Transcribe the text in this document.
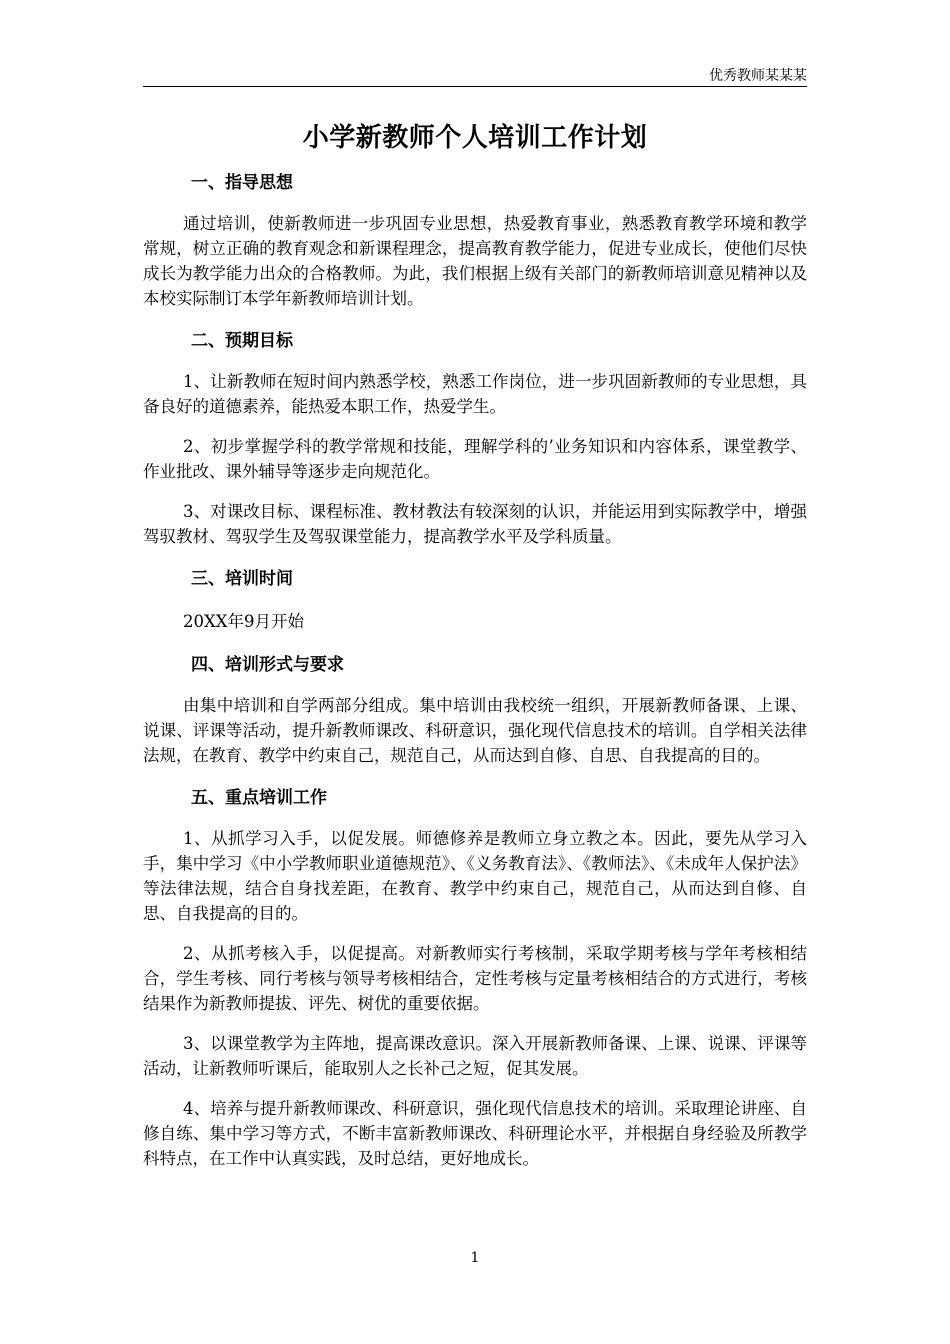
优秀教师某某某
小学新教师个人培训工作计划
一、指导思想

通过培训，使新教师进一步巩固专业思想，热爱教育事业，熟悉教育教学环境和教学常规，树立正确的教育观念和新课程理念，提高教育教学能力，促进专业成长，使他们尽快成长为教学能力出众的合格教师。为此，我们根据上级有关部门的新教师培训意见精神以及本校实际制订本学年新教师培训计划。

二、预期目标

1、让新教师在短时间内熟悉学校，熟悉工作岗位，进一步巩固新教师的专业思想，具备良好的道德素养，能热爱本职工作，热爱学生。

2、初步掌握学科的教学常规和技能，理解学科的’业务知识和内容体系，课堂教学、作业批改、课外辅导等逐步走向规范化。

3、对课改目标、课程标准、教材教法有较深刻的认识，并能运用到实际教学中，增强驾驭教材、驾驭学生及驾驭课堂能力，提高教学水平及学科质量。

三、培训时间

20XX年9月开始

四、培训形式与要求

由集中培训和自学两部分组成。集中培训由我校统一组织，开展新教师备课、上课、说课、评课等活动，提升新教师课改、科研意识，强化现代信息技术的培训。自学相关法律法规，在教育、教学中约束自己，规范自己，从而达到自修、自思、自我提高的目的。

五、重点培训工作

1、从抓学习入手，以促发展。师德修养是教师立身立教之本。因此，要先从学习入手，集中学习《中小学教师职业道德规范》、《义务教育法》、《教师法》、《未成年人保护法》等法律法规，结合自身找差距，在教育、教学中约束自己，规范自己，从而达到自修、自思、自我提高的目的。

2、从抓考核入手，以促提高。对新教师实行考核制，采取学期考核与学年考核相结合，学生考核、同行考核与领导考核相结合，定性考核与定量考核相结合的方式进行，考核结果作为新教师提拔、评先、树优的重要依据。

3、以课堂教学为主阵地，提高课改意识。深入开展新教师备课、上课、说课、评课等活动，让新教师听课后，能取别人之长补己之短，促其发展。

4、培养与提升新教师课改、科研意识，强化现代信息技术的培训。采取理论讲座、自修自练、集中学习等方式，不断丰富新教师课改、科研理论水平，并根据自身经验及所教学科特点，在工作中认真实践，及时总结，更好地成长。

1
